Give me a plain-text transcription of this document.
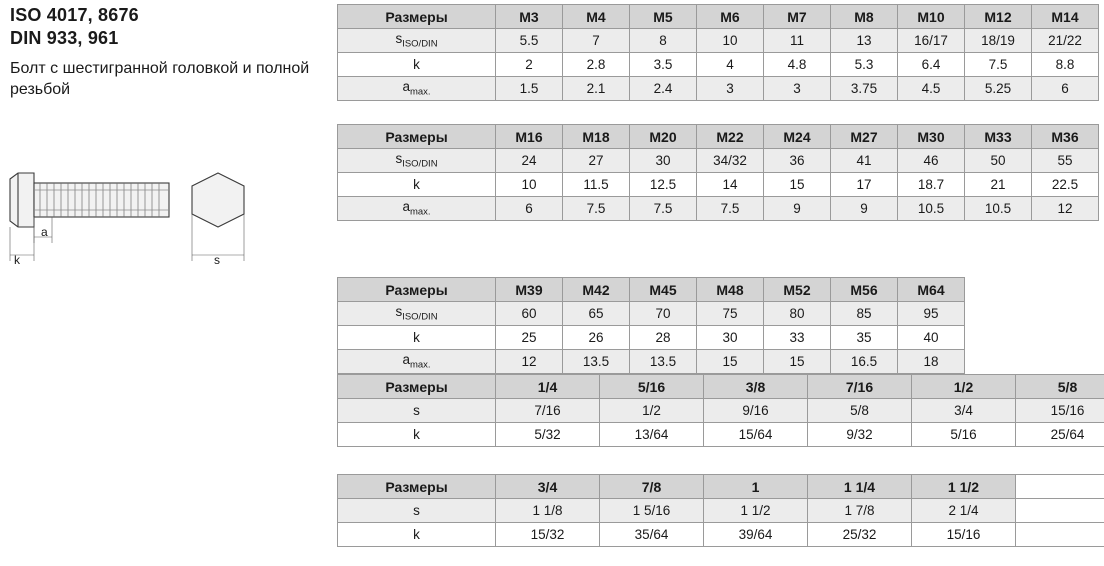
ISO 4017, 8676
DIN 933, 961
Болт с шестигранной головкой и полной резьбой
a
k	s
Размеры	M3	M4	M5	M6	M7	M8	M10	M12	M14
$s_{ISO/DIN}$	5.5	7	8	10	11	13	16/17	18/19	21/22
k	2	2.8	3.5	4	4.8	5.3	6.4	7.5	8.8
$a_{max.}$	1.5	2.1	2.4	3	3	3.75	4.5	5.25	6
Размеры	M16	M18	M20	M22	M24	M27	M30	M33	M36
$s_{ISO/DIN}$	24	27	30	34/32	36	41	46	50	55
k	10	11.5	12.5	14	15	17	18.7	21	22.5
$a_{max.}$	6	7.5	7.5	7.5	9	9	10.5	10.5	12
Размеры	M39	M42	M45	M48	M52	M56	M64
$s_{ISO/DIN}$	60	65	70	75	80	85	95
k	25	26	28	30	33	35	40
$a_{max.}$	12	13.5	13.5	15	15	16.5	18
Размеры	1/4	5/16	3/8	7/16	1/2	5/8
s	7/16	1/2	9/16	5/8	3/4	15/16
k	5/32	13/64	15/64	9/32	5/16	25/64
Размеры	3/4	7/8	1	1 1/4	1 1/2	
s	1 1/8	1 5/16	1 1/2	1 7/8	2 1/4	
k	15/32	35/64	39/64	25/32	15/16	
